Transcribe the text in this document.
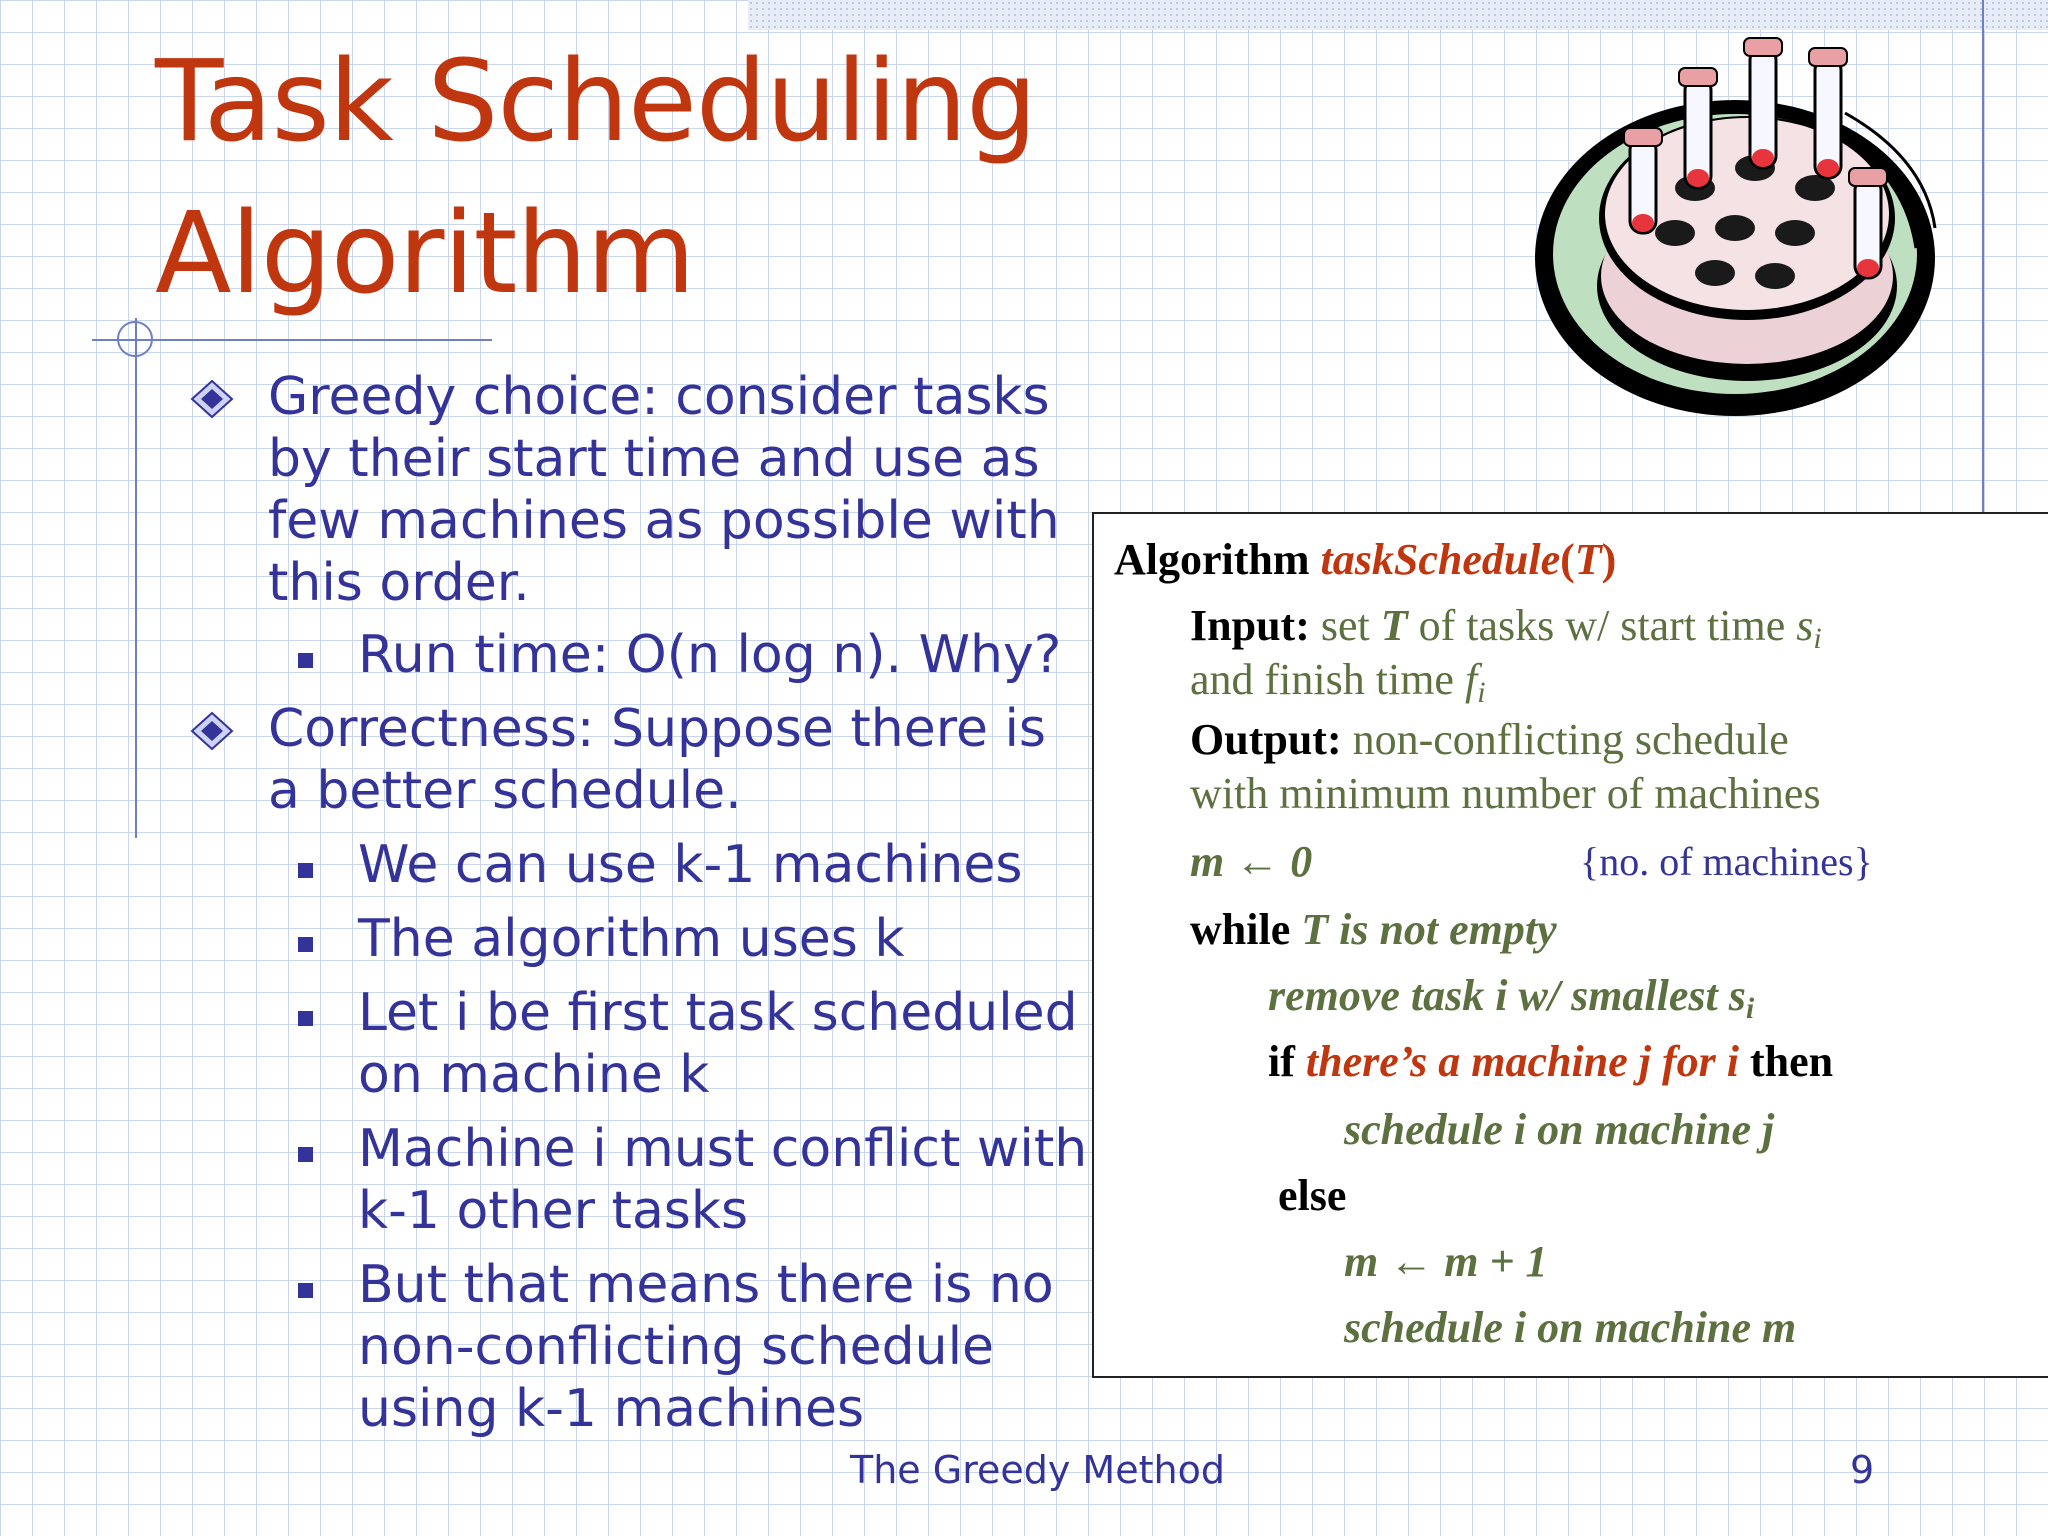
Task Scheduling
Algorithm

Greedy choice: consider tasks by their start time and use as few machines as possible with this order.

Run time: O(n log n). Why?

Correctness: Suppose there is a better schedule.

We can use k-1 machines

The algorithm uses k

Let i be first task scheduled on machine k

Machine i must conflict with k-1 other tasks

But that means there is no non-conflicting schedule using k-1 machines

Algorithm taskSchedule(T)
Input: set T of tasks w/ start time $s_i$
and finish time $f_i$
Output: non-conflicting schedule
with minimum number of machines
m ← 0	{no. of machines}
while T is not empty
remove task i w/ smallest $s_i$
if there’s a machine j for i then
schedule i on machine j
else
m ← m + 1
schedule i on machine m
The Greedy Method	9
